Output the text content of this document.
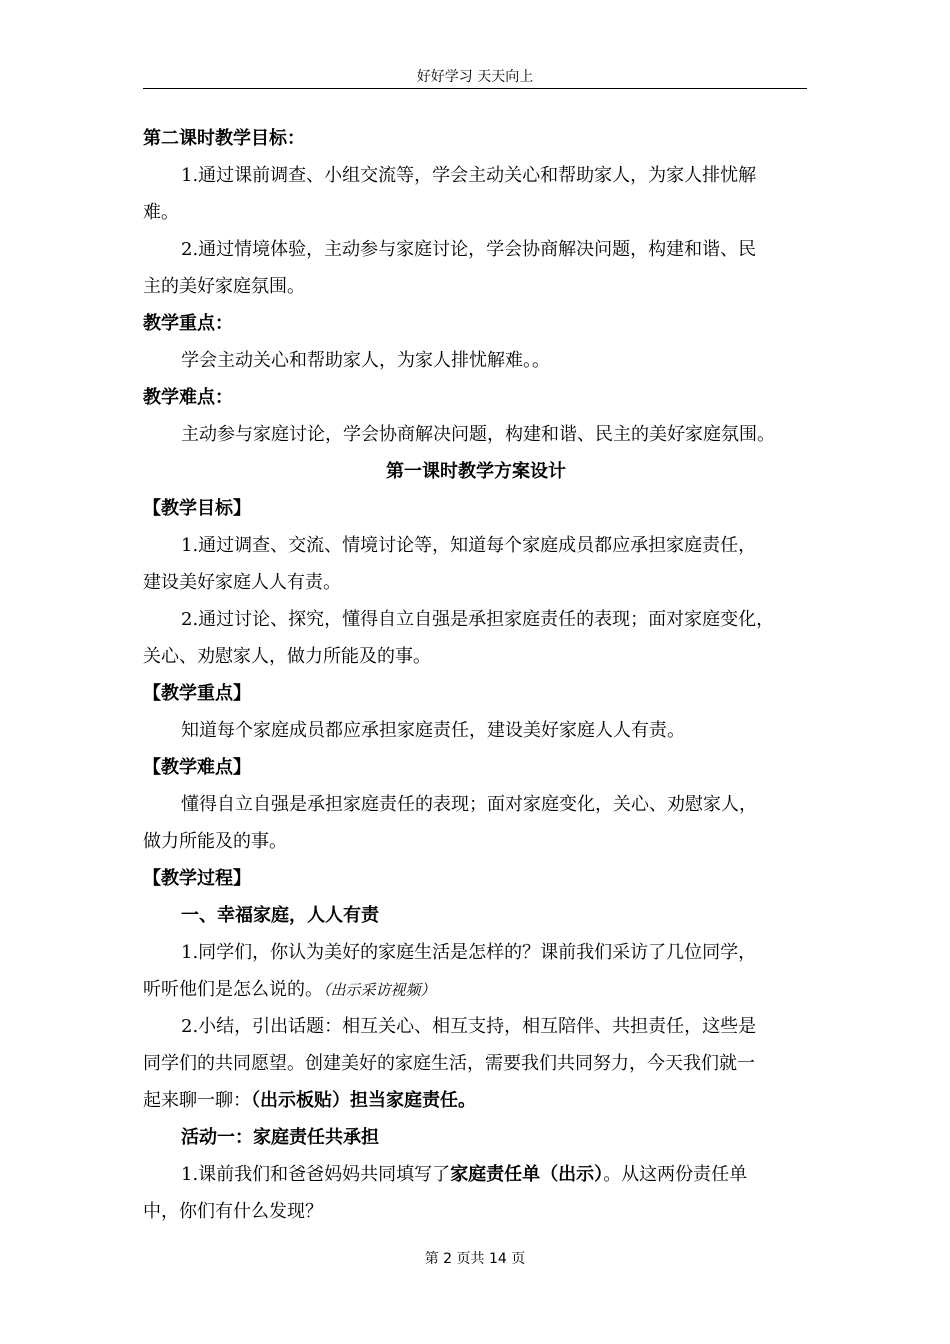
好好学习 天天向上
第二课时教学目标：
1.通过课前调查、小组交流等，学会主动关心和帮助家人，为家人排忧解
难。
2.通过情境体验，主动参与家庭讨论，学会协商解决问题，构建和谐、民
主的美好家庭氛围。
教学重点：
学会主动关心和帮助家人，为家人排忧解难。。
教学难点：
主动参与家庭讨论，学会协商解决问题，构建和谐、民主的美好家庭氛围。
第一课时教学方案设计
【教学目标】
1.通过调查、交流、情境讨论等，知道每个家庭成员都应承担家庭责任，
建设美好家庭人人有责。
2.通过讨论、探究，懂得自立自强是承担家庭责任的表现；面对家庭变化，
关心、劝慰家人，做力所能及的事。
【教学重点】
知道每个家庭成员都应承担家庭责任，建设美好家庭人人有责。
【教学难点】
懂得自立自强是承担家庭责任的表现；面对家庭变化，关心、劝慰家人，
做力所能及的事。
【教学过程】
一、幸福家庭，人人有责
1.同学们，你认为美好的家庭生活是怎样的？课前我们采访了几位同学，
听听他们是怎么说的。（出示采访视频）
2.小结，引出话题：相互关心、相互支持，相互陪伴、共担责任，这些是
同学们的共同愿望。创建美好的家庭生活，需要我们共同努力，今天我们就一
起来聊一聊：（出示板贴）担当家庭责任。
活动一：家庭责任共承担
1.课前我们和爸爸妈妈共同填写了家庭责任单（出示）。从这两份责任单
中，你们有什么发现？
第 2 页共 14 页
